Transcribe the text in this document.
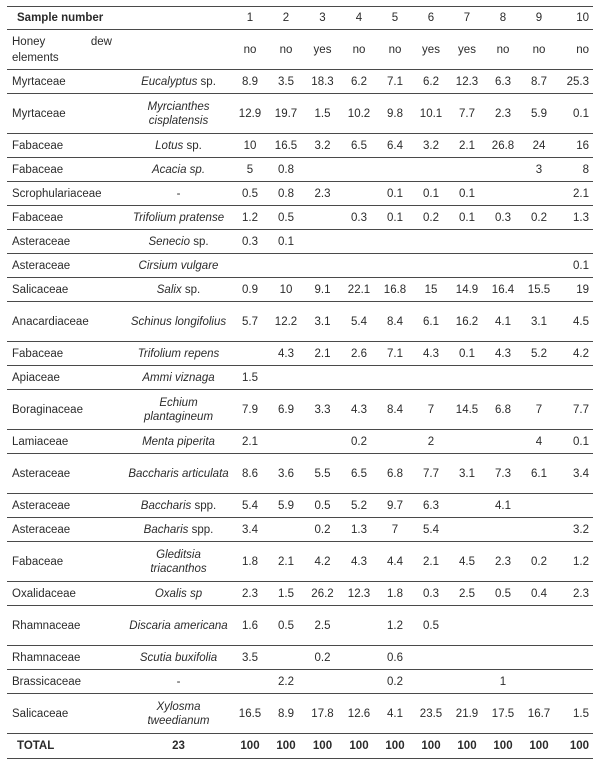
Sample number		1	2	3	4	5	6	7	8	9	10

Honey dew
elements		no	no	yes	no	no	yes	yes	no	no	no
Myrtaceae	Eucalyptus sp.	8.9	3.5	18.3	6.2	7.1	6.2	12.3	6.3	8.7	25.3
Myrtaceae	Myrcianthes cisplatensis	12.9	19.7	1.5	10.2	9.8	10.1	7.7	2.3	5.9	0.1
Fabaceae	Lotus sp.	10	16.5	3.2	6.5	6.4	3.2	2.1	26.8	24	16
Fabaceae	Acacia sp.	5	0.8							3	8
Scrophulariaceae	-	0.5	0.8	2.3		0.1	0.1	0.1			2.1
Fabaceae	Trifolium pratense	1.2	0.5		0.3	0.1	0.2	0.1	0.3	0.2	1.3
Asteraceae	Senecio sp.	0.3	0.1								
Asteraceae	Cirsium vulgare										0.1
Salicaceae	Salix sp.	0.9	10	9.1	22.1	16.8	15	14.9	16.4	15.5	19
Anacardiaceae	Schinus longifolius	5.7	12.2	3.1	5.4	8.4	6.1	16.2	4.1	3.1	4.5
Fabaceae	Trifolium repens		4.3	2.1	2.6	7.1	4.3	0.1	4.3	5.2	4.2
Apiaceae	Ammi viznaga	1.5									
Boraginaceae	Echium plantagineum	7.9	6.9	3.3	4.3	8.4	7	14.5	6.8	7	7.7
Lamiaceae	Menta piperita	2.1			0.2		2			4	0.1
Asteraceae	Baccharis articulata	8.6	3.6	5.5	6.5	6.8	7.7	3.1	7.3	6.1	3.4
Asteraceae	Baccharis spp.	5.4	5.9	0.5	5.2	9.7	6.3		4.1		
Asteraceae	Bacharis spp.	3.4		0.2	1.3	7	5.4				3.2
Fabaceae	Gleditsia triacanthos	1.8	2.1	4.2	4.3	4.4	2.1	4.5	2.3	0.2	1.2
Oxalidaceae	Oxalis sp	2.3	1.5	26.2	12.3	1.8	0.3	2.5	0.5	0.4	2.3
Rhamnaceae	Discaria americana	1.6	0.5	2.5		1.2	0.5				
Rhamnaceae	Scutia buxifolia	3.5		0.2		0.6					
Brassicaceae	-		2.2			0.2			1		
Salicaceae	Xylosma tweedianum	16.5	8.9	17.8	12.6	4.1	23.5	21.9	17.5	16.7	1.5
TOTAL	23	100	100	100	100	100	100	100	100	100	100
